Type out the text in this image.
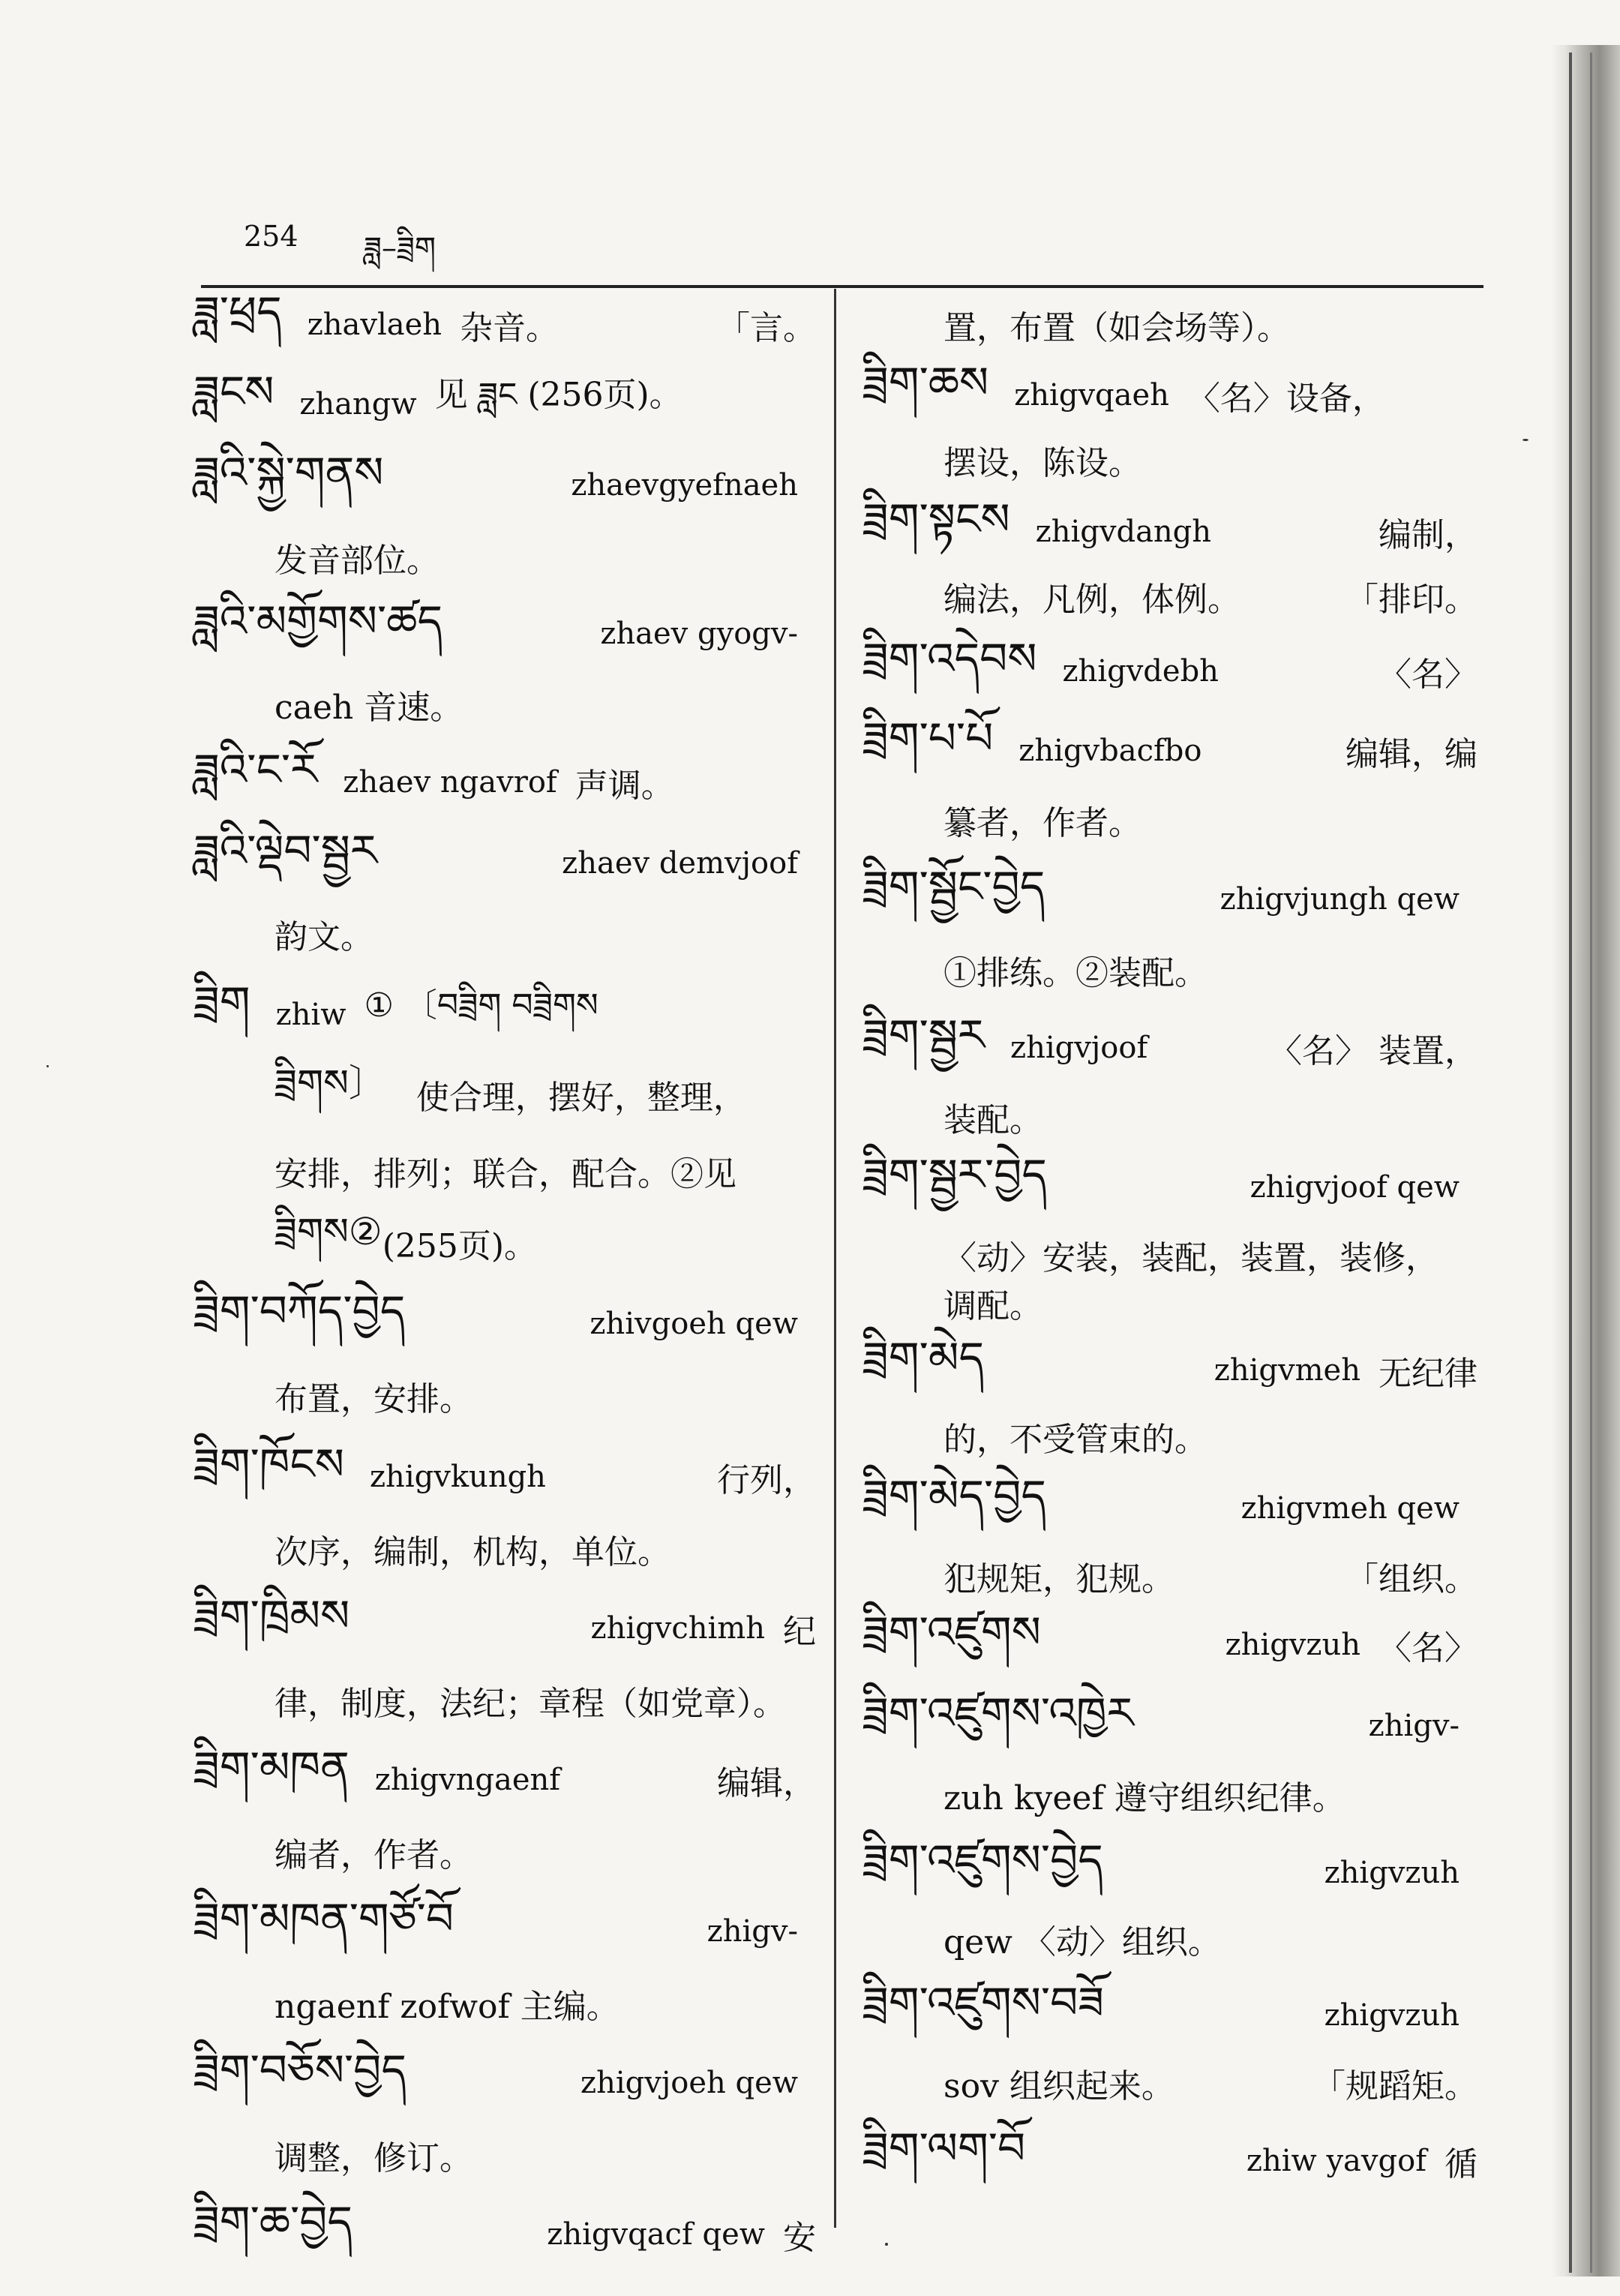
254	ཟླ–ཟྲིག
ཟླ་ཕྲད zhavlaeh 杂音。	「言。
ཟླངས zhangw 见 ཟླང (256页)。
ཟླའི་སྐྱེ་གནས	zhaevgyefnaeh
发音部位。
ཟླའི་མགྱོགས་ཚད	zhaev gyogv-
caeh 音速。
ཟླའི་ང་རོ zhaev ngavrof 声调。
ཟླའི་ལྡེབ་སྦྱར	zhaev demvjoof
韵文。
ཟྲིག zhiw ① 〔བཟྲིག བཟྲིགས
ཟྲིགས〕 使合理，摆好，整理，
安排，排列；联合，配合。②见
ཟྲིགས② (255页)。
ཟྲིག་བཀོད་བྱེད	zhivgoeh qew
布置，安排。
ཟྲིག་ཁོངས zhigvkungh	行列，
次序，编制，机构，单位。
ཟྲིག་ཁྲིམས	zhigvchimh 纪
律，制度，法纪；章程（如党章）。
ཟྲིག་མཁན zhigvngaenf	编辑，
编者，作者。
ཟྲིག་མཁན་གཙོ་བོ	zhigv-
ngaenf zofwof 主编。
ཟྲིག་བཅོས་བྱེད	zhigvjoeh qew
调整，修订。
ཟྲིག་ཆ་བྱེད	zhigvqacf qew 安
置，布置（如会场等）。
ཟྲིག་ཆས zhigvqaeh 〈名〉设备，
摆设，陈设。
ཟྲིག་སྟངས zhigvdangh	编制，
编法，凡例，体例。	「排印。
ཟྲིག་འདེབས zhigvdebh	〈名〉
ཟྲིག་པ་པོ zhigvbacfbo	编辑，编
纂者，作者。
ཟྲིག་སྦྱོང་བྱེད	zhigvjungh qew
①排练。②装配。
ཟྲིག་སྦྱར zhigvjoof	〈名〉 装置，
装配。
ཟྲིག་སྦྱར་བྱེད	zhigvjoof qew
〈动〉安装，装配，装置，装修，
调配。
ཟྲིག་མེད	zhigvmeh 无纪律
的，不受管束的。
ཟྲིག་མེད་བྱེད	zhigvmeh qew
犯规矩，犯规。	「组织。
ཟྲིག་འཛུགས	zhigvzuh 〈名〉
ཟྲིག་འཛུགས་འཁྱེར	zhigv-
zuh kyeef 遵守组织纪律。
ཟྲིག་འཛུགས་བྱེད	zhigvzuh
qew 〈动〉组织。
ཟྲིག་འཛུགས་བཟོ	zhigvzuh
sov 组织起来。	「规蹈矩。
ཟྲིག་ལག་བོ	zhiw yavgof 循
